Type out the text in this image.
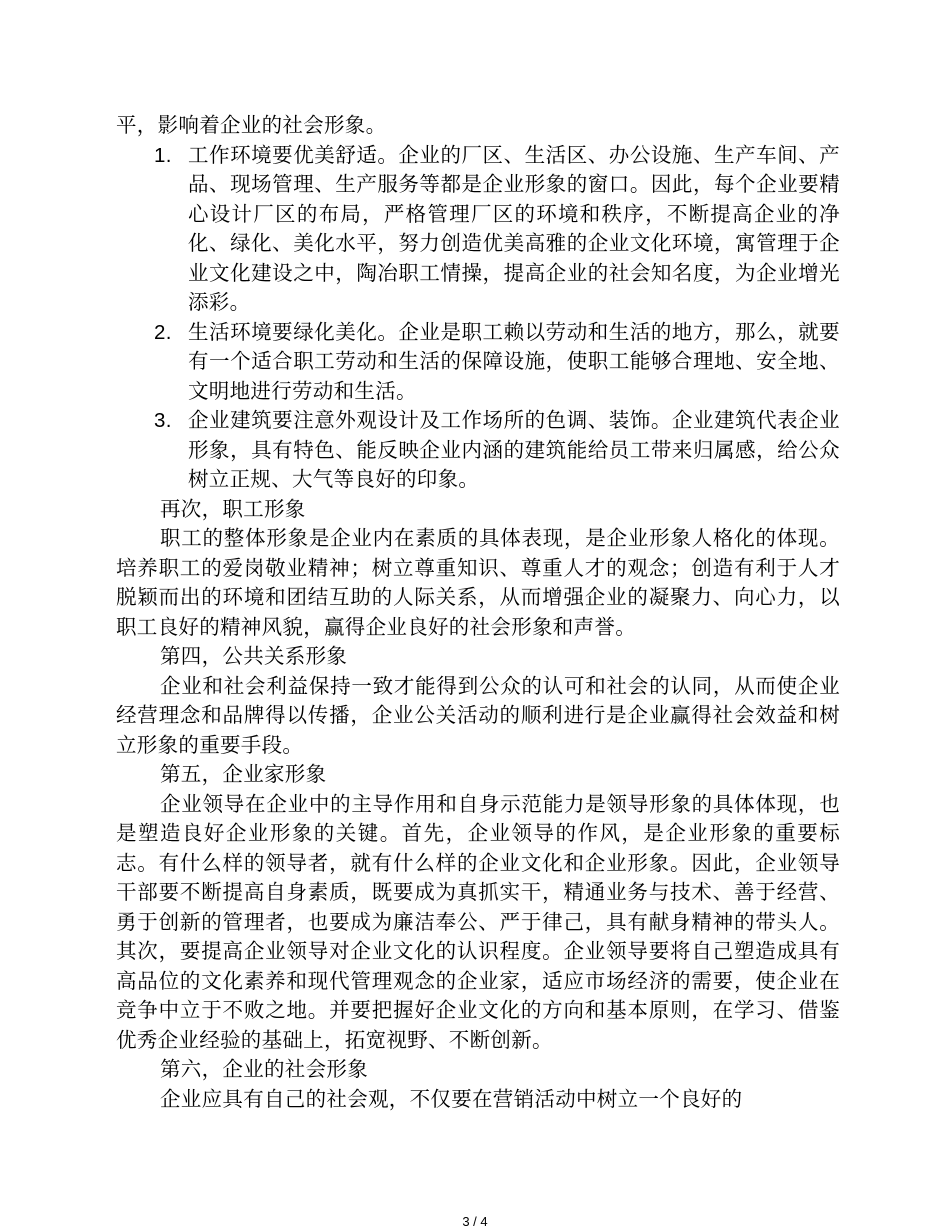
平，影响着企业的社会形象。

1. 工作环境要优美舒适。企业的厂区、生活区、办公设施、生产车间、产品、现场管理、生产服务等都是企业形象的窗口。因此，每个企业要精心设计厂区的布局，严格管理厂区的环境和秩序，不断提高企业的净化、绿化、美化水平，努力创造优美高雅的企业文化环境，寓管理于企业文化建设之中，陶冶职工情操，提高企业的社会知名度，为企业增光添彩。
2. 生活环境要绿化美化。企业是职工赖以劳动和生活的地方，那么，就要有一个适合职工劳动和生活的保障设施，使职工能够合理地、安全地、文明地进行劳动和生活。
3. 企业建筑要注意外观设计及工作场所的色调、装饰。企业建筑代表企业形象，具有特色、能反映企业内涵的建筑能给员工带来归属感，给公众树立正规、大气等良好的印象。

再次，职工形象

职工的整体形象是企业内在素质的具体表现，是企业形象人格化的体现。培养职工的爱岗敬业精神；树立尊重知识、尊重人才的观念；创造有利于人才脱颖而出的环境和团结互助的人际关系，从而增强企业的凝聚力、向心力，以职工良好的精神风貌，赢得企业良好的社会形象和声誉。

第四，公共关系形象

企业和社会利益保持一致才能得到公众的认可和社会的认同，从而使企业经营理念和品牌得以传播，企业公关活动的顺利进行是企业赢得社会效益和树立形象的重要手段。

第五，企业家形象

企业领导在企业中的主导作用和自身示范能力是领导形象的具体体现，也是塑造良好企业形象的关键。首先，企业领导的作风，是企业形象的重要标志。有什么样的领导者，就有什么样的企业文化和企业形象。因此，企业领导干部要不断提高自身素质，既要成为真抓实干，精通业务与技术、善于经营、勇于创新的管理者，也要成为廉洁奉公、严于律己，具有献身精神的带头人。其次，要提高企业领导对企业文化的认识程度。企业领导要将自己塑造成具有高品位的文化素养和现代管理观念的企业家，适应市场经济的需要，使企业在竞争中立于不败之地。并要把握好企业文化的方向和基本原则，在学习、借鉴优秀企业经验的基础上，拓宽视野、不断创新。

第六，企业的社会形象

企业应具有自己的社会观，不仅要在营销活动中树立一个良好的

3 / 4
